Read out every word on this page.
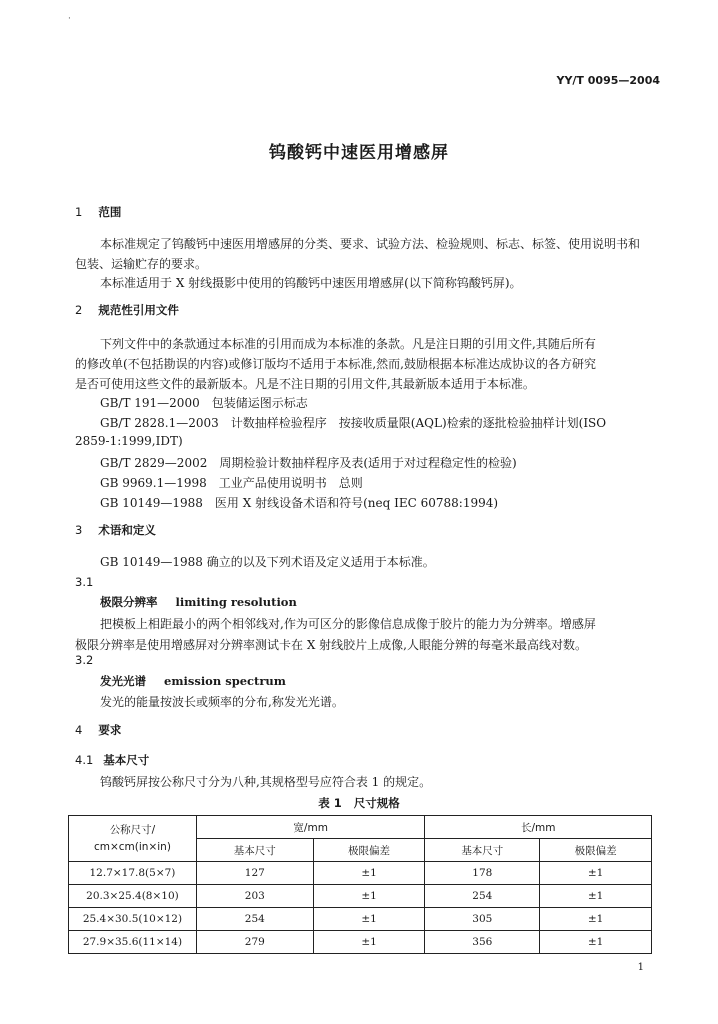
·
YY/T 0095—2004
钨酸钙中速医用增感屏
1 范围
本标准规定了钨酸钙中速医用增感屏的分类、要求、试验方法、检验规则、标志、标签、使用说明书和
包装、运输贮存的要求。
本标准适用于 X 射线摄影中使用的钨酸钙中速医用增感屏(以下简称钨酸钙屏)。
2 规范性引用文件
下列文件中的条款通过本标准的引用而成为本标准的条款。凡是注日期的引用文件,其随后所有
的修改单(不包括勘误的内容)或修订版均不适用于本标准,然而,鼓励根据本标准达成协议的各方研究
是否可使用这些文件的最新版本。凡是不注日期的引用文件,其最新版本适用于本标准。
GB/T 191—2000　包装储运图示标志
GB/T 2828.1—2003　计数抽样检验程序　按接收质量限(AQL)检索的逐批检验抽样计划(ISO
2859-1:1999,IDT)
GB/T 2829—2002　周期检验计数抽样程序及表(适用于对过程稳定性的检验)
GB 9969.1—1998　工业产品使用说明书　总则
GB 10149—1988　医用 X 射线设备术语和符号(neq IEC 60788:1994)
3 术语和定义
GB 10149—1988 确立的以及下列术语及定义适用于本标准。
3.1
极限分辨率 limiting resolution
把模板上相距最小的两个相邻线对,作为可区分的影像信息成像于胶片的能力为分辨率。增感屏
极限分辨率是使用增感屏对分辨率测试卡在 X 射线胶片上成像,人眼能分辨的每毫米最高线对数。
3.2
发光光谱 emission spectrum
发光的能量按波长或频率的分布,称发光光谱。
4 要求
4.1 基本尺寸
钨酸钙屏按公称尺寸分为八种,其规格型号应符合表 1 的规定。
表 1 尺寸规格
公称尺寸/
cm×cm(in×in)	宽/mm		长/mm	
	基本尺寸	极限偏差	基本尺寸	极限偏差
12.7×17.8(5×7)	127	±1	178	±1
20.3×25.4(8×10)	203	±1	254	±1
25.4×30.5(10×12)	254	±1	305	±1
27.9×35.6(11×14)	279	±1	356	±1
1
